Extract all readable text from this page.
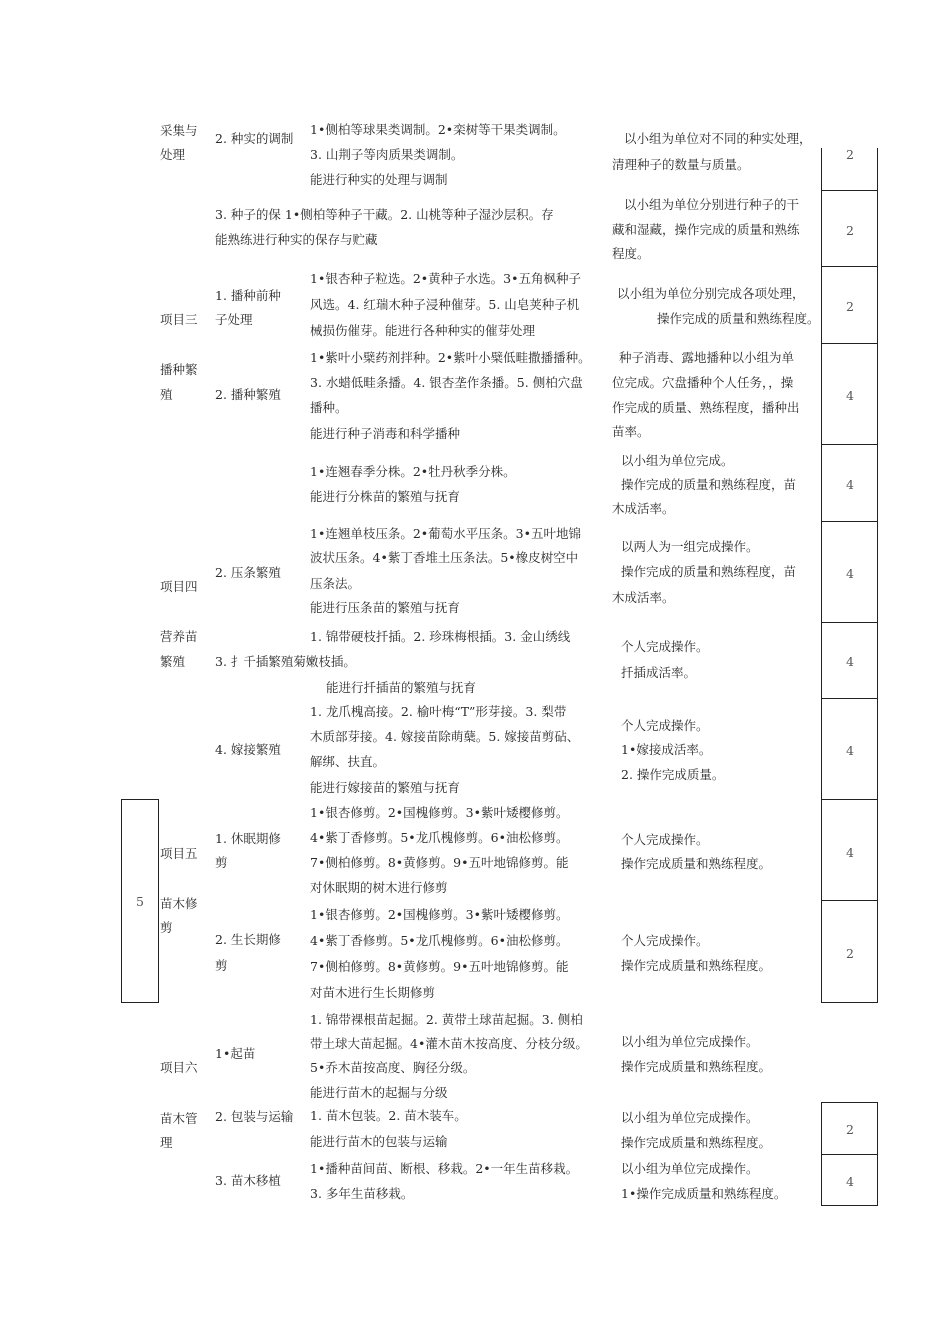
采集与
处理
项目三
播种繁
殖
项目四
营养苗
繁殖
项目五
苗木修
剪
项目六
苗木管
理
5
2. 种实的调制
3. 种子的保 1•侧柏等种子干藏。2. 山桃等种子湿沙层积。存
能熟练进行种实的保存与贮藏
1. 播种前种
子处理
2. 播种繁殖
2. 压条繁殖
3. 扌千插繁殖菊嫩枝插。
4. 嫁接繁殖
1. 休眠期修
剪
2. 生长期修
剪
1•起苗
2. 包装与运输
3. 苗木移植
1•侧柏等球果类调制。2•栾树等干果类调制。
3. 山荆子等肉质果类调制。
能进行种实的处理与调制
1•银杏种子粒选。2•黄种子水选。3•五角枫种子
风选。4. 红瑞木种子浸种催芽。5. 山皂荚种子机
械损伤催芽。能进行各种种实的催芽处理
1•紫叶小檗药剂拌种。2•紫叶小檗低畦撒播播种。
3. 水蜡低畦条播。4. 银杏垄作条播。5. 侧柏穴盘
播种。
能进行种子消毒和科学播种
1•连翘春季分株。2•牡丹秋季分株。
能进行分株苗的繁殖与抚育
1•连翘单枝压条。2•葡萄水平压条。3•五叶地锦
波状压条。4•紫丁香堆土压条法。5•橡皮树空中
压条法。
能进行压条苗的繁殖与抚育
1. 锦带硬枝扦插。2. 珍珠梅根插。3. 金山绣线
能进行扦插苗的繁殖与抚育
1. 龙爪槐高接。2. 榆叶梅“T”形芽接。3. 梨带
木质部芽接。4. 嫁接苗除萌蘖。5. 嫁接苗剪砧、
解绑、扶直。
能进行嫁接苗的繁殖与抚育
1•银杏修剪。2•国槐修剪。3•紫叶矮樱修剪。
4•紫丁香修剪。5•龙爪槐修剪。6•油松修剪。
7•侧柏修剪。8•黄修剪。9•五叶地锦修剪。能
对休眠期的树木进行修剪
1•银杏修剪。2•国槐修剪。3•紫叶矮樱修剪。
4•紫丁香修剪。5•龙爪槐修剪。6•油松修剪。
7•侧柏修剪。8•黄修剪。9•五叶地锦修剪。能
对苗木进行生长期修剪
1. 锦带裸根苗起掘。2. 黄带土球苗起掘。3. 侧柏
带土球大苗起掘。4•灌木苗木按高度、分枝分级。
5•乔木苗按高度、胸径分级。
能进行苗木的起掘与分级
1. 苗木包装。2. 苗木装车。
能进行苗木的包装与运输
1•播种苗间苗、断根、移栽。2•一年生苗移栽。
3. 多年生苗移栽。
以小组为单位对不同的种实处理，
清理种子的数量与质量。
以小组为单位分别进行种子的干
藏和湿藏，操作完成的质量和熟练
程度。
以小组为单位分别完成各项处理，
操作完成的质量和熟练程度。
种子消毒、露地播种以小组为单
位完成。穴盘播种个人任务，，操
作完成的质量、熟练程度，播种出
苗率。
以小组为单位完成。
操作完成的质量和熟练程度，苗
木成活率。
以两人为一组完成操作。
操作完成的质量和熟练程度，苗
木成活率。
个人完成操作。
扦插成活率。
个人完成操作。
1•嫁接成活率。
2. 操作完成质量。
个人完成操作。
操作完成质量和熟练程度。
个人完成操作。
操作完成质量和熟练程度。
以小组为单位完成操作。
操作完成质量和熟练程度。
以小组为单位完成操作。
操作完成质量和熟练程度。
以小组为单位完成操作。
1•操作完成质量和熟练程度。
2
2
2
4
4
4
4
4
4
2
2
4
